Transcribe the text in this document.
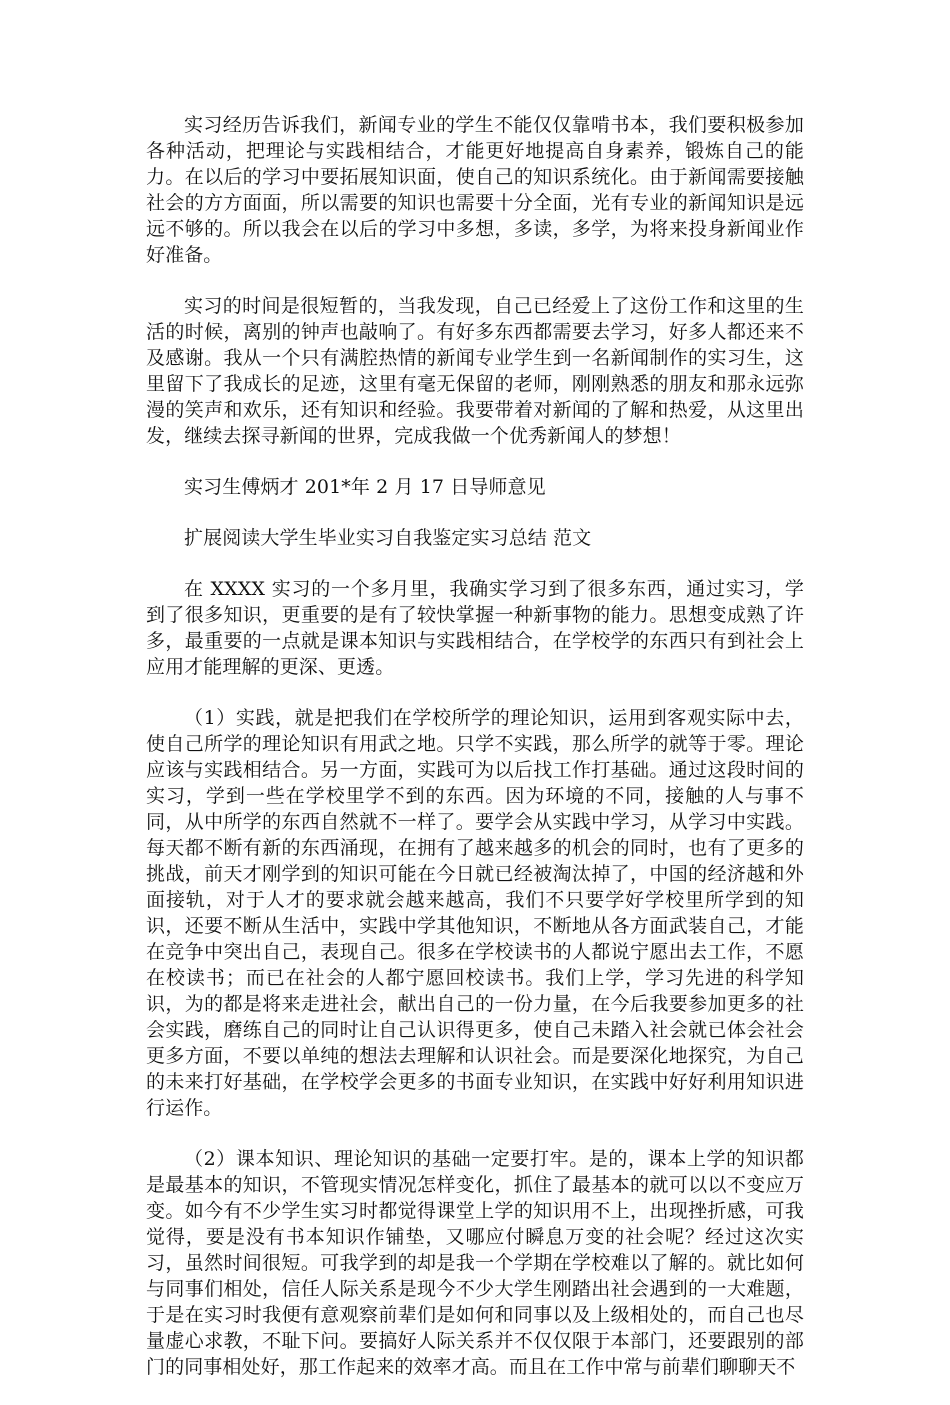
实习经历告诉我们，新闻专业的学生不能仅仅靠啃书本，我们要积极参加各种活动，把理论与实践相结合，才能更好地提高自身素养，锻炼自己的能力。在以后的学习中要拓展知识面，使自己的知识系统化。由于新闻需要接触社会的方方面面，所以需要的知识也需要十分全面，光有专业的新闻知识是远远不够的。所以我会在以后的学习中多想，多读，多学，为将来投身新闻业作好准备。

实习的时间是很短暂的，当我发现，自己已经爱上了这份工作和这里的生活的时候，离别的钟声也敲响了。有好多东西都需要去学习，好多人都还来不及感谢。我从一个只有满腔热情的新闻专业学生到一名新闻制作的实习生，这里留下了我成长的足迹，这里有毫无保留的老师，刚刚熟悉的朋友和那永远弥漫的笑声和欢乐，还有知识和经验。我要带着对新闻的了解和热爱，从这里出发，继续去探寻新闻的世界，完成我做一个优秀新闻人的梦想！

实习生傅炳才 201*年 2 月 17 日导师意见

扩展阅读大学生毕业实习自我鉴定实习总结 范文

在 XXXX 实习的一个多月里，我确实学习到了很多东西，通过实习，学到了很多知识，更重要的是有了较快掌握一种新事物的能力。思想变成熟了许多，最重要的一点就是课本知识与实践相结合，在学校学的东西只有到社会上应用才能理解的更深、更透。

（1）实践，就是把我们在学校所学的理论知识，运用到客观实际中去，使自己所学的理论知识有用武之地。只学不实践，那么所学的就等于零。理论应该与实践相结合。另一方面，实践可为以后找工作打基础。通过这段时间的实习，学到一些在学校里学不到的东西。因为环境的不同，接触的人与事不同，从中所学的东西自然就不一样了。要学会从实践中学习，从学习中实践。每天都不断有新的东西涌现，在拥有了越来越多的机会的同时，也有了更多的挑战，前天才刚学到的知识可能在今日就已经被淘汰掉了，中国的经济越和外面接轨，对于人才的要求就会越来越高，我们不只要学好学校里所学到的知识，还要不断从生活中，实践中学其他知识，不断地从各方面武装自己，才能在竞争中突出自己，表现自己。很多在学校读书的人都说宁愿出去工作，不愿在校读书；而已在社会的人都宁愿回校读书。我们上学，学习先进的科学知识，为的都是将来走进社会，献出自己的一份力量，在今后我要参加更多的社会实践，磨练自己的同时让自己认识得更多，使自己未踏入社会就已体会社会更多方面，不要以单纯的想法去理解和认识社会。而是要深化地探究，为自己的未来打好基础，在学校学会更多的书面专业知识，在实践中好好利用知识进行运作。

（2）课本知识、理论知识的基础一定要打牢。是的，课本上学的知识都是最基本的知识，不管现实情况怎样变化，抓住了最基本的就可以以不变应万变。如今有不少学生实习时都觉得课堂上学的知识用不上，出现挫折感，可我觉得，要是没有书本知识作铺垫，又哪应付瞬息万变的社会呢？经过这次实习，虽然时间很短。可我学到的却是我一个学期在学校难以了解的。就比如何与同事们相处，信任人际关系是现今不少大学生刚踏出社会遇到的一大难题，于是在实习时我便有意观察前辈们是如何和同事以及上级相处的，而自己也尽量虚心求教，不耻下问。要搞好人际关系并不仅仅限于本部门，还要跟别的部门的同事相处好，那工作起来的效率才高。而且在工作中常与前辈们聊聊天不
